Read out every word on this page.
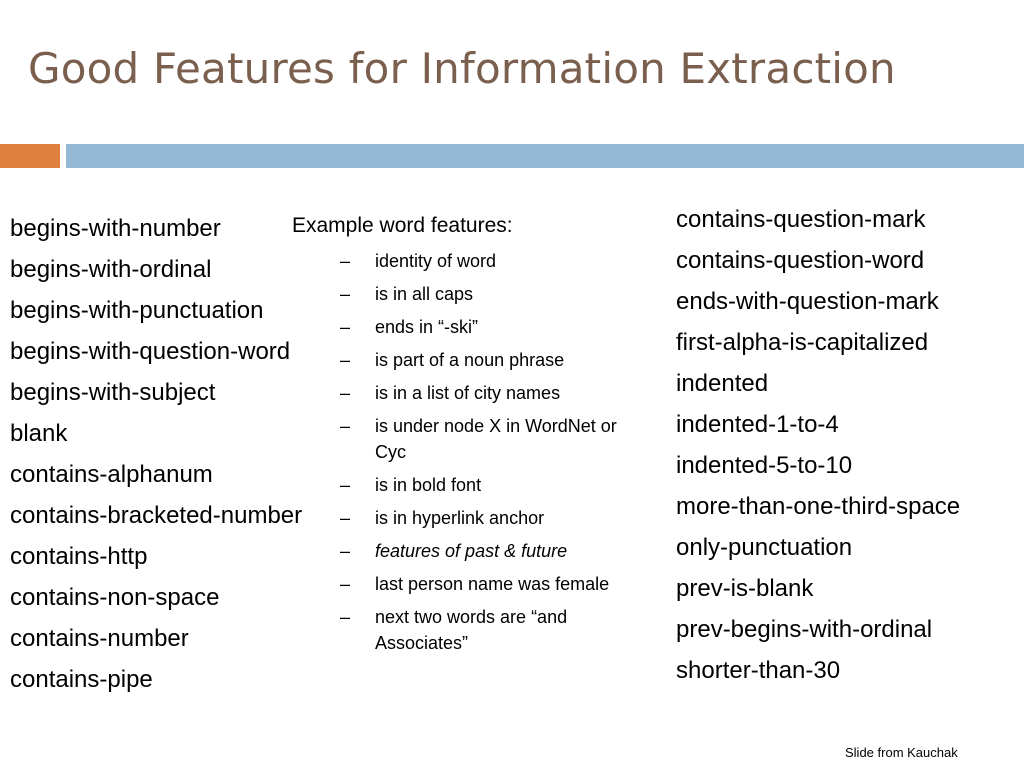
Good Features for Information Extraction
begins-with-number
begins-with-ordinal
begins-with-punctuation
begins-with-question-word
begins-with-subject
blank
contains-alphanum
contains-bracketed-number
contains-http
contains-non-space
contains-number
contains-pipe

Example word features:

– identity of word
– is in all caps
– ends in “-ski”
– is part of a noun phrase
– is in a list of city names
– is under node X in WordNet or Cyc
– is in bold font
– is in hyperlink anchor
– features of past & future
– last person name was female
– next two words are “and Associates”
contains-question-mark
contains-question-word
ends-with-question-mark
first-alpha-is-capitalized
indented
indented-1-to-4
indented-5-to-10
more-than-one-third-space
only-punctuation
prev-is-blank
prev-begins-with-ordinal
shorter-than-30

Slide from Kauchak
